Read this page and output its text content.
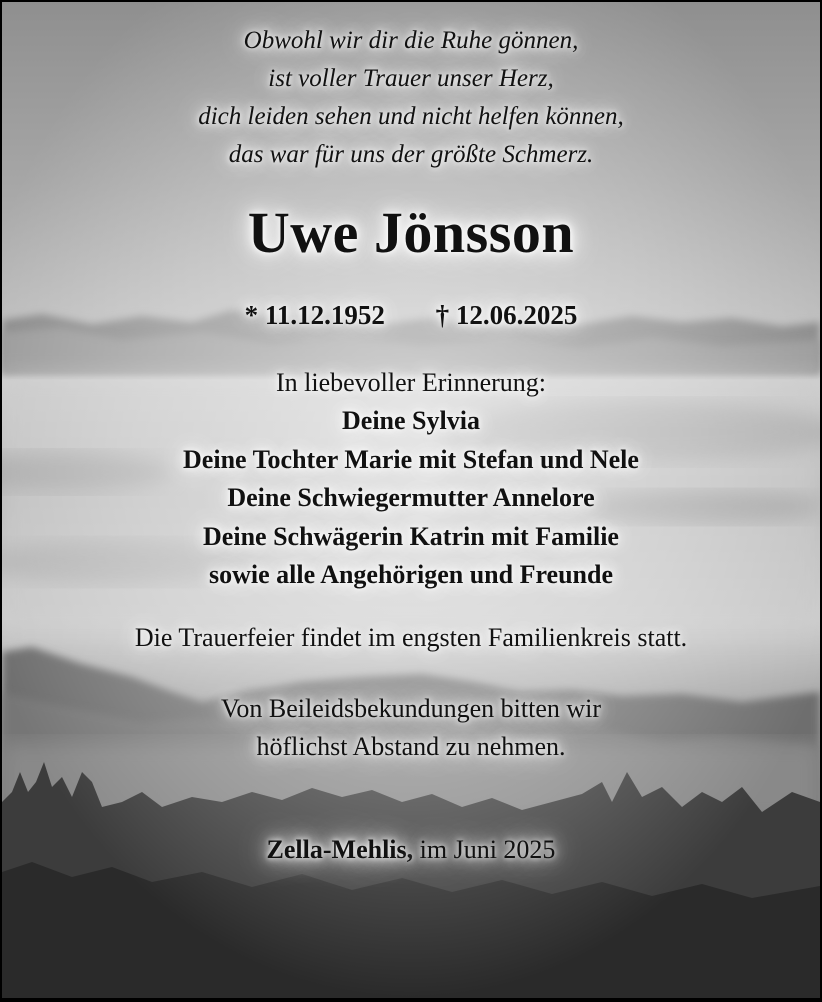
Obwohl wir dir die Ruhe gönnen,
ist voller Trauer unser Herz,
dich leiden sehen und nicht helfen können,
das war für uns der größte Schmerz.
Uwe Jönsson
* 11.12.1952 † 12.06.2025
In liebevoller Erinnerung:
Deine Sylvia
Deine Tochter Marie mit Stefan und Nele
Deine Schwiegermutter Annelore
Deine Schwägerin Katrin mit Familie
sowie alle Angehörigen und Freunde
Die Trauerfeier findet im engsten Familienkreis statt.
Von Beileidsbekundungen bitten wir
höflichst Abstand zu nehmen.
Zella-Mehlis, im Juni 2025
